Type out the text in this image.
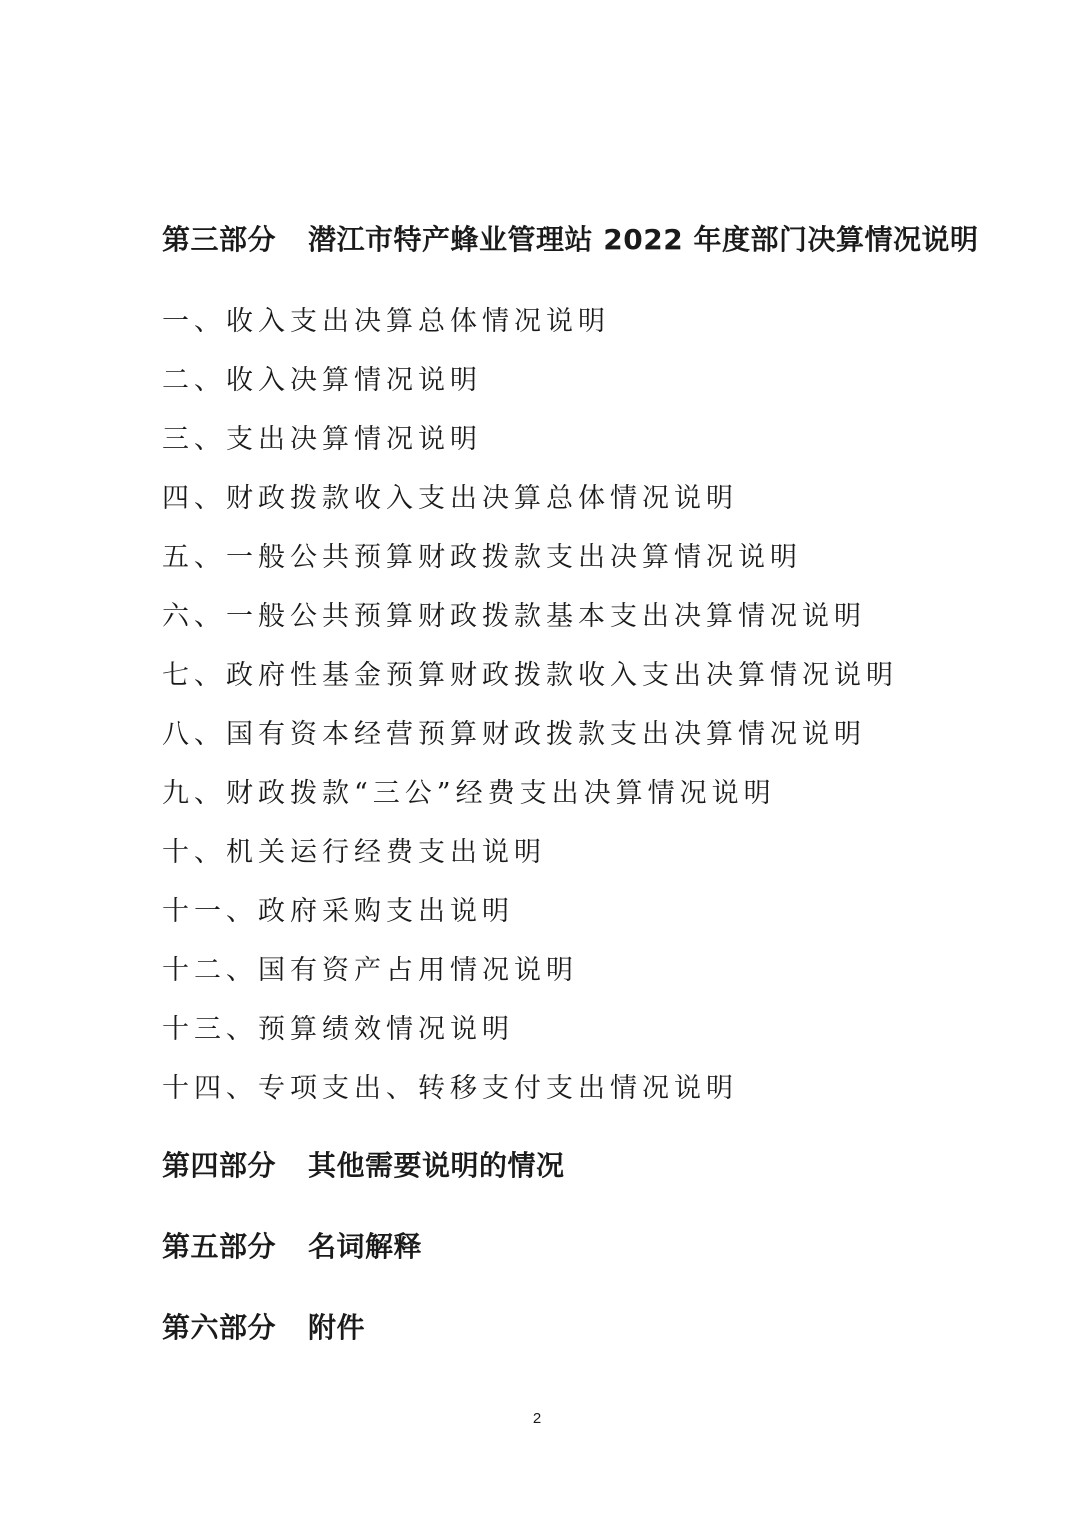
第三部分 潜江市特产蜂业管理站 2022 年度部门决算情况说明
一、收入支出决算总体情况说明
二、收入决算情况说明
三、支出决算情况说明
四、财政拨款收入支出决算总体情况说明
五、一般公共预算财政拨款支出决算情况说明
六、一般公共预算财政拨款基本支出决算情况说明
七、政府性基金预算财政拨款收入支出决算情况说明
八、国有资本经营预算财政拨款支出决算情况说明
九、财政拨款“三公”经费支出决算情况说明
十、机关运行经费支出说明
十一、政府采购支出说明
十二、国有资产占用情况说明
十三、预算绩效情况说明
十四、专项支出、转移支付支出情况说明
第四部分 其他需要说明的情况
第五部分 名词解释
第六部分 附件
2
